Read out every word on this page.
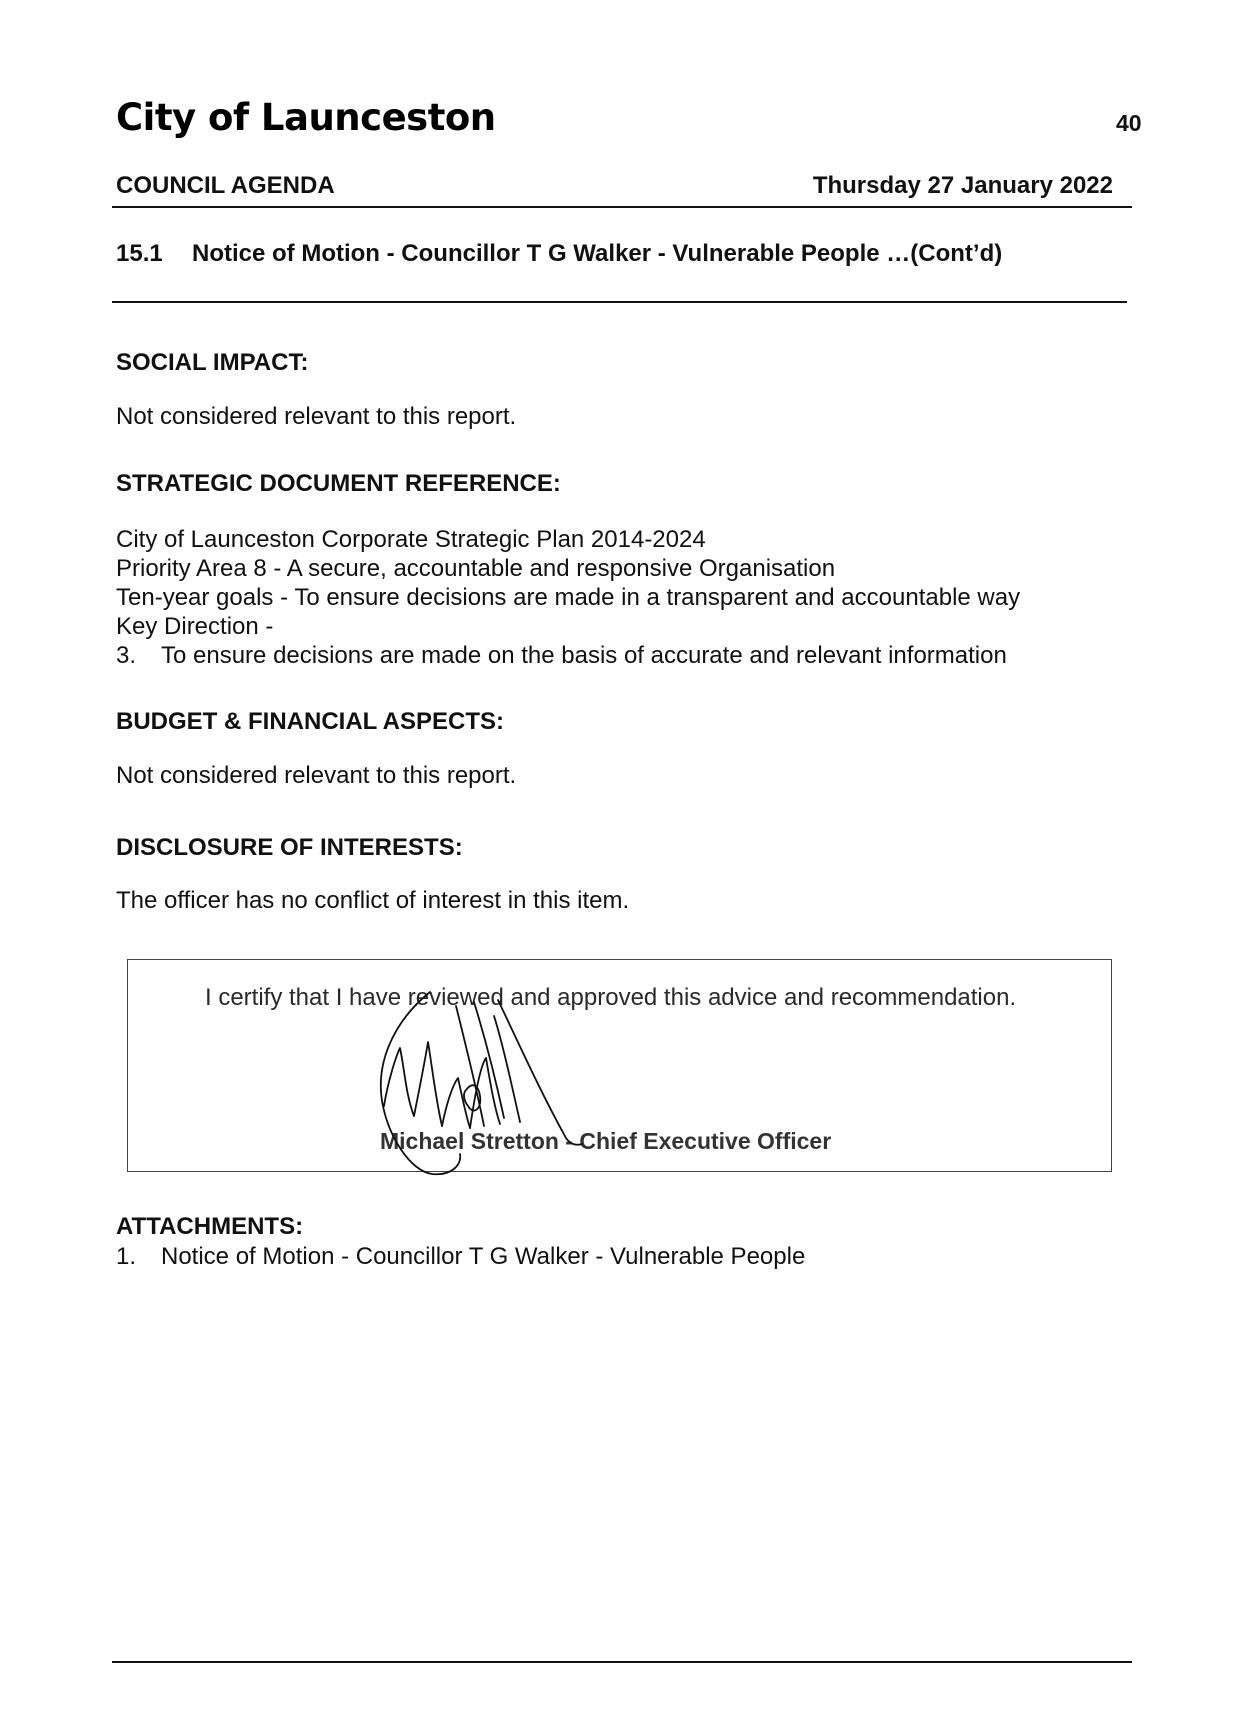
City of Launceston	40
COUNCIL AGENDA	Thursday 27 January 2022
15.1 Notice of Motion - Councillor T G Walker - Vulnerable People …(Cont’d)
SOCIAL IMPACT:
Not considered relevant to this report.
STRATEGIC DOCUMENT REFERENCE:
City of Launceston Corporate Strategic Plan 2014-2024
Priority Area 8 - A secure, accountable and responsive Organisation
Ten-year goals - To ensure decisions are made in a transparent and accountable way
Key Direction -
3. To ensure decisions are made on the basis of accurate and relevant information
BUDGET & FINANCIAL ASPECTS:
Not considered relevant to this report.
DISCLOSURE OF INTERESTS:
The officer has no conflict of interest in this item.
I certify that I have reviewed and approved this advice and recommendation.
Michael Stretton - Chief Executive Officer
ATTACHMENTS:
1. Notice of Motion - Councillor T G Walker - Vulnerable People
